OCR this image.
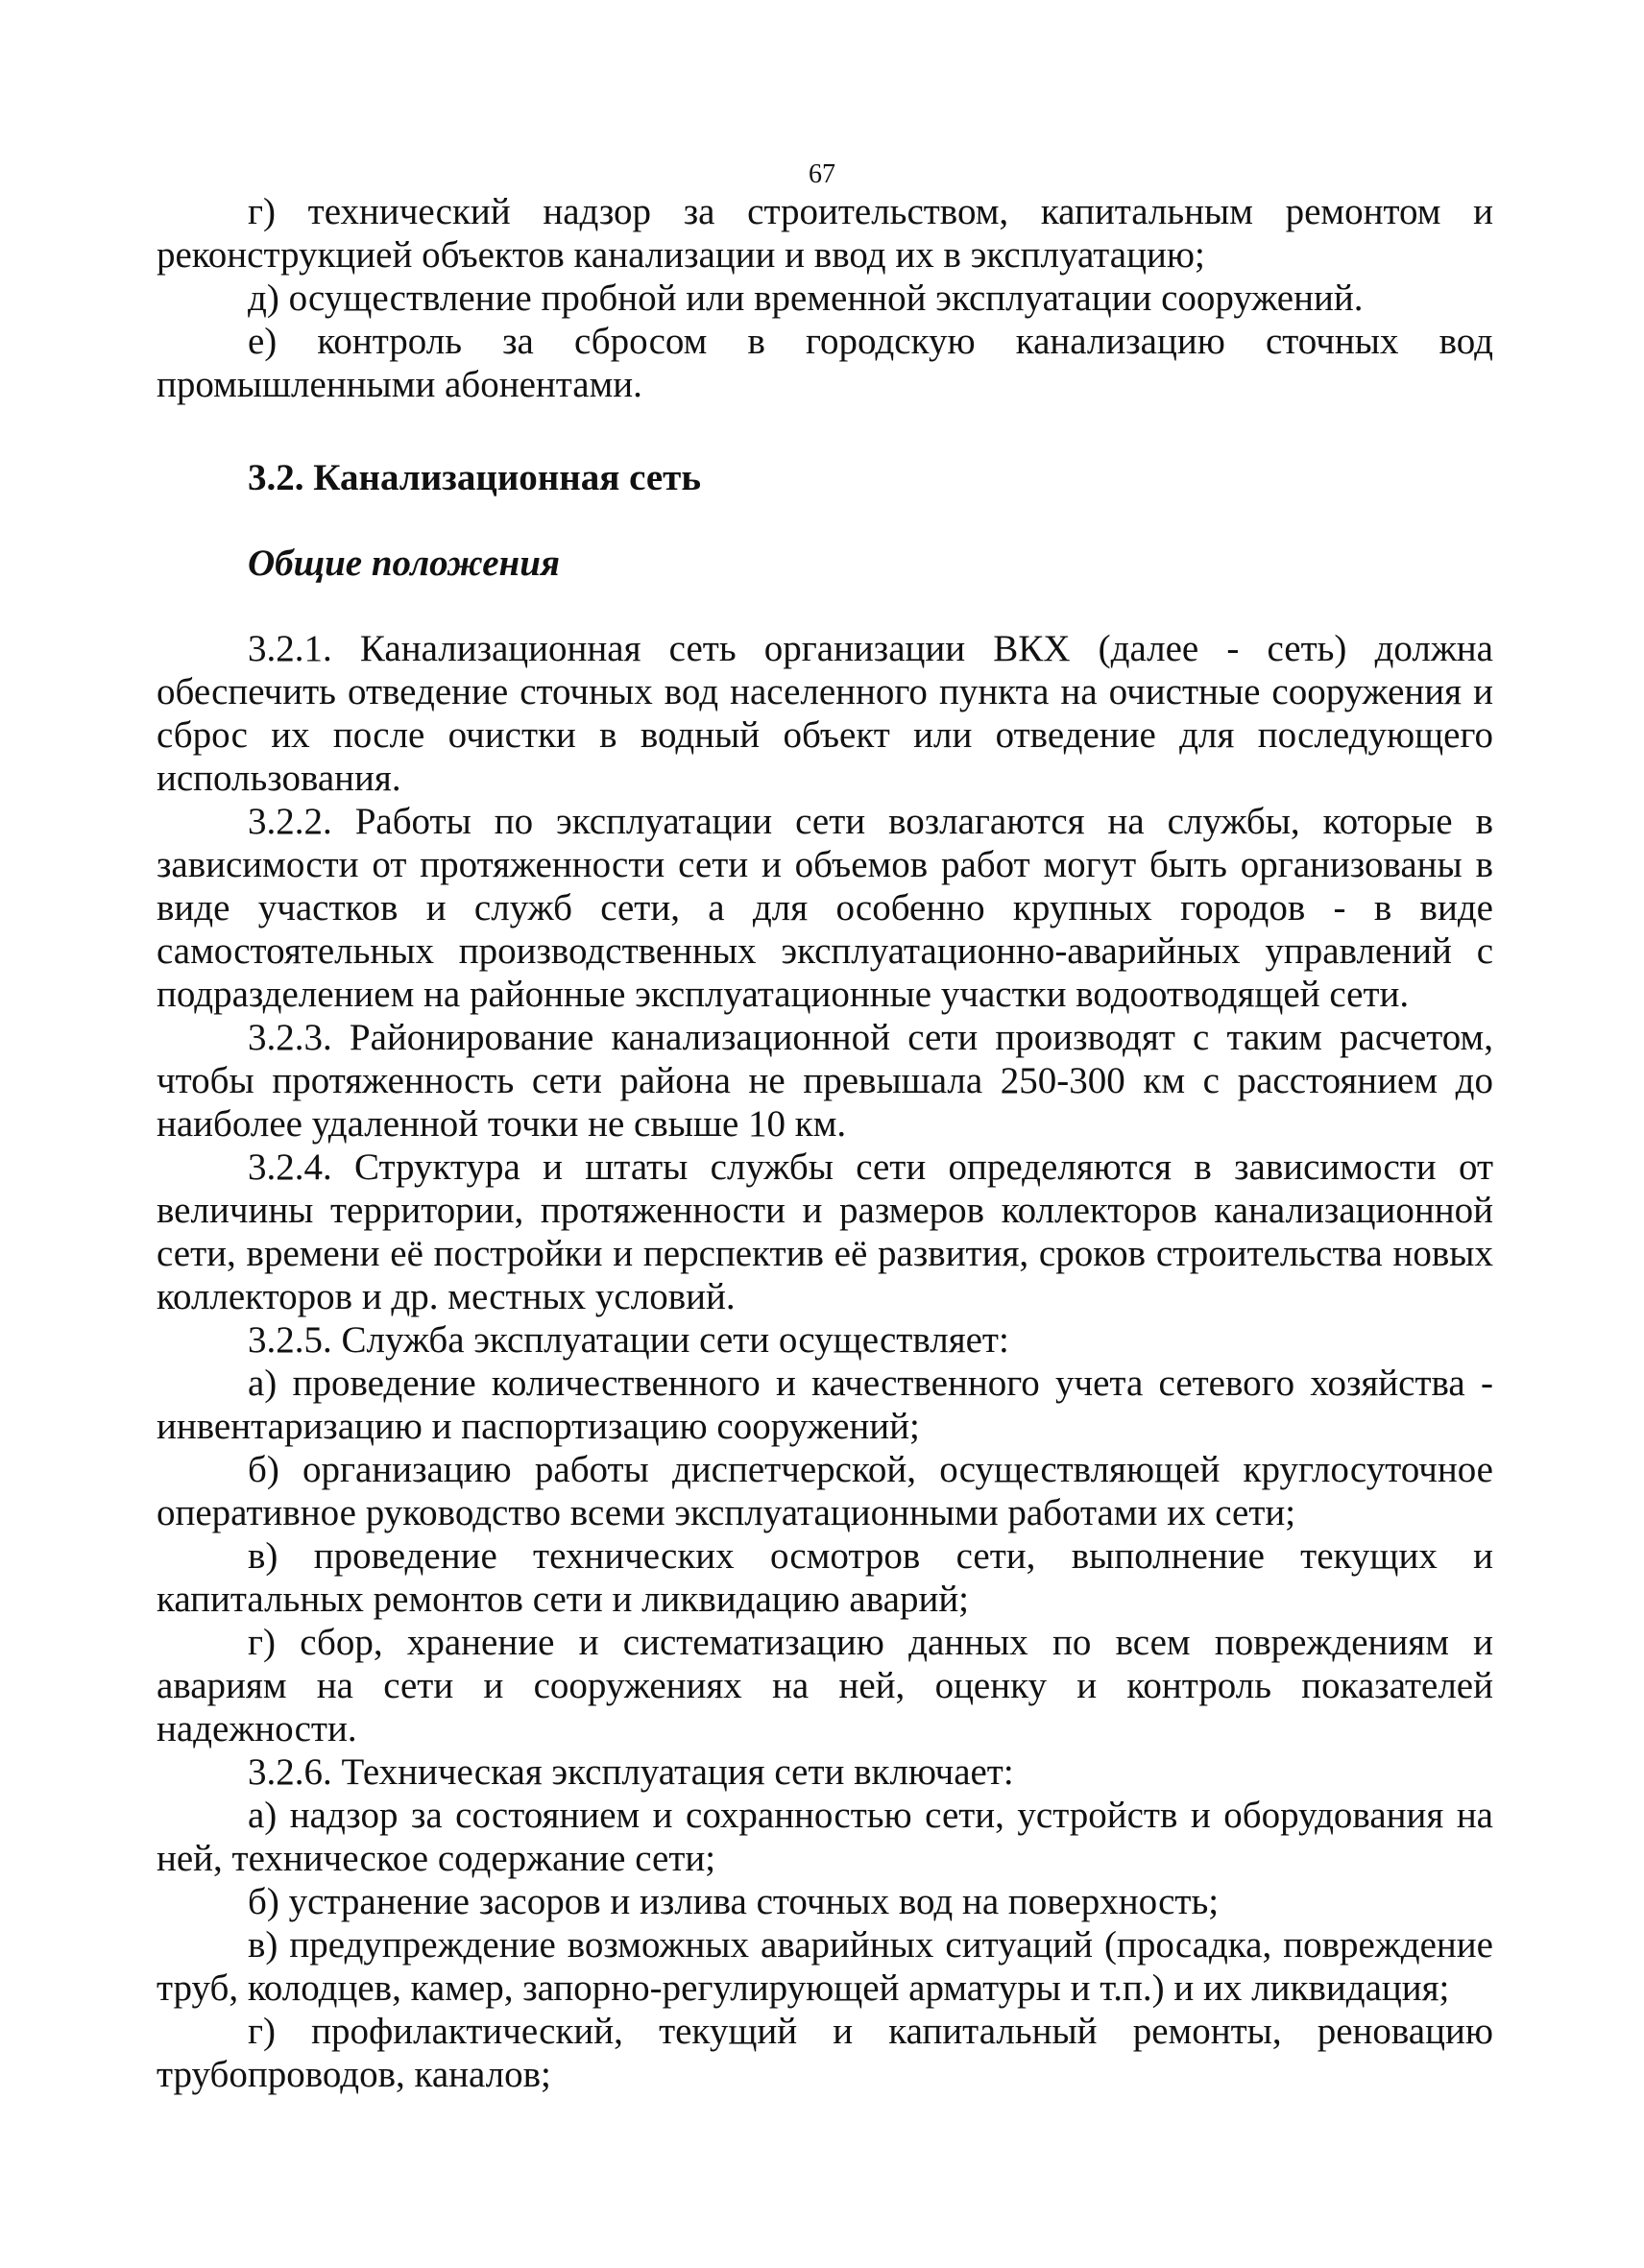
67

г) технический надзор за строительством, капитальным ремонтом и реконструкцией объектов канализации и ввод их в эксплуатацию;

д) осуществление пробной или временной эксплуатации сооружений.

е) контроль за сбросом в городскую канализацию сточных вод промышленными абонентами.

3.2. Канализационная сеть
Общие положения

3.2.1. Канализационная сеть организации ВКХ (далее - сеть) должна обеспечить отведение сточных вод населенного пункта на очистные сооружения и сброс их после очистки в водный объект или отведение для последующего использования.

3.2.2. Работы по эксплуатации сети возлагаются на службы, которые в зависимости от протяженности сети и объемов работ могут быть организованы в виде участков и служб сети, а для особенно крупных городов - в виде самостоятельных производственных эксплуатационно-аварийных управлений с подразделением на районные эксплуатационные участки водоотводящей сети.

3.2.3. Районирование канализационной сети производят с таким расчетом, чтобы протяженность сети района не превышала 250-300 км с расстоянием до наиболее удаленной точки не свыше 10 км.

3.2.4. Структура и штаты службы сети определяются в зависимости от величины территории, протяженности и размеров коллекторов канализационной сети, времени её постройки и перспектив её развития, сроков строительства новых коллекторов и др. местных условий.

3.2.5. Служба эксплуатации сети осуществляет:

а) проведение количественного и качественного учета сетевого хозяйства - инвентаризацию и паспортизацию сооружений;

б) организацию работы диспетчерской, осуществляющей круглосуточное оперативное руководство всеми эксплуатационными работами их сети;

в) проведение технических осмотров сети, выполнение текущих и капитальных ремонтов сети и ликвидацию аварий;

г) сбор, хранение и систематизацию данных по всем повреждениям и авариям на сети и сооружениях на ней, оценку и контроль показателей надежности.

3.2.6. Техническая эксплуатация сети включает:

а) надзор за состоянием и сохранностью сети, устройств и оборудования на ней, техническое содержание сети;

б) устранение засоров и излива сточных вод на поверхность;

в) предупреждение возможных аварийных ситуаций (просадка, повреждение труб, колодцев, камер, запорно-регулирующей арматуры и т.п.) и их ликвидация;

г) профилактический, текущий и капитальный ремонты, реновацию трубопроводов, каналов;
